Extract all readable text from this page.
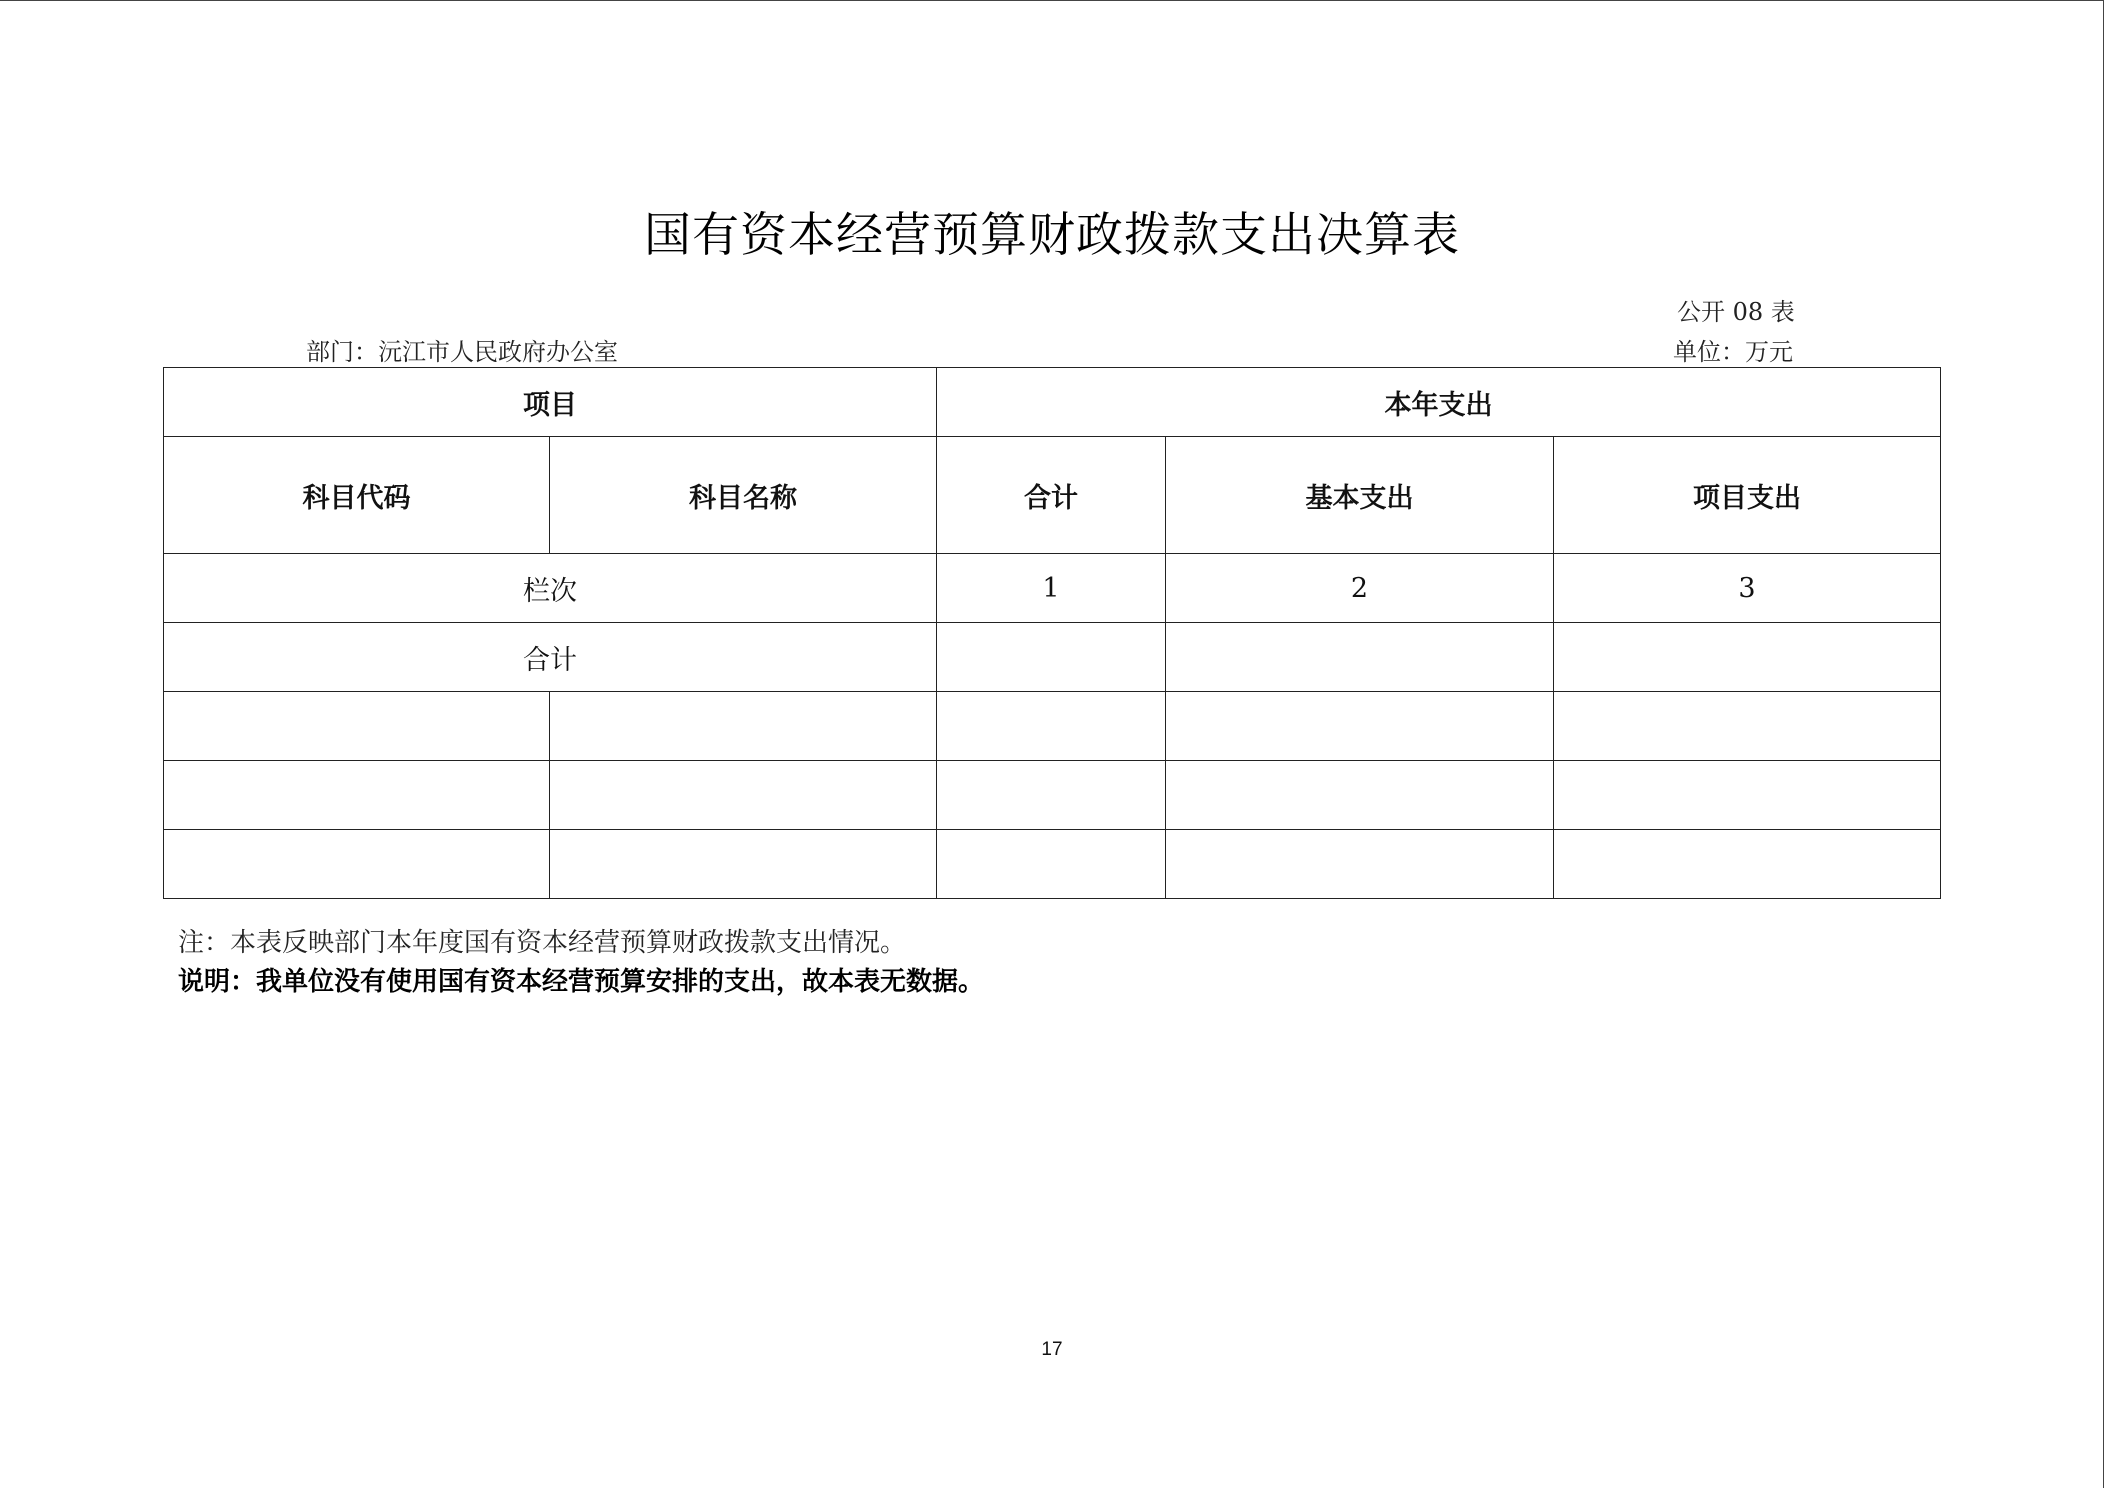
国有资本经营预算财政拨款支出决算表
公开 08 表
部门：沅江市人民政府办公室	单位：万元
项目		本年支出		
科目代码	科目名称	合计	基本支出	项目支出
栏次		1	2	3
合计				

注：本表反映部门本年度国有资本经营预算财政拨款支出情况。
说明：我单位没有使用国有资本经营预算安排的支出，故本表无数据。
17
